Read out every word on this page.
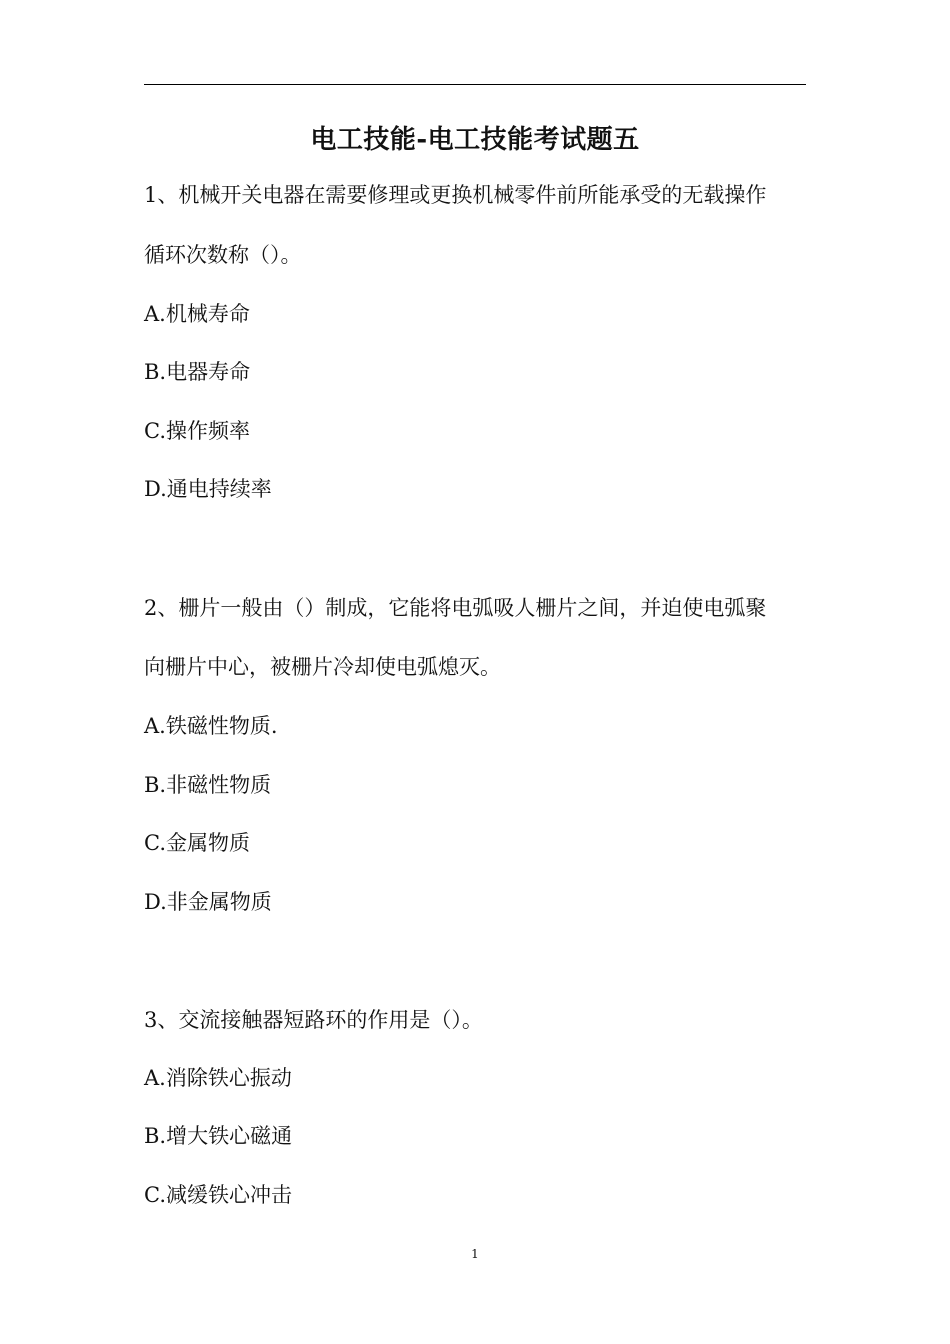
电工技能-电工技能考试题五
1、机械开关电器在需要修理或更换机械零件前所能承受的无载操作
循环次数称（）。
A.机械寿命
B.电器寿命
C.操作频率
D.通电持续率
2、栅片一般由（）制成，它能将电弧吸人栅片之间，并迫使电弧聚
向栅片中心，被栅片冷却使电弧熄灭。
A.铁磁性物质.
B.非磁性物质
C.金属物质
D.非金属物质
3、交流接触器短路环的作用是（）。
A.消除铁心振动
B.增大铁心磁通
C.减缓铁心冲击
1
